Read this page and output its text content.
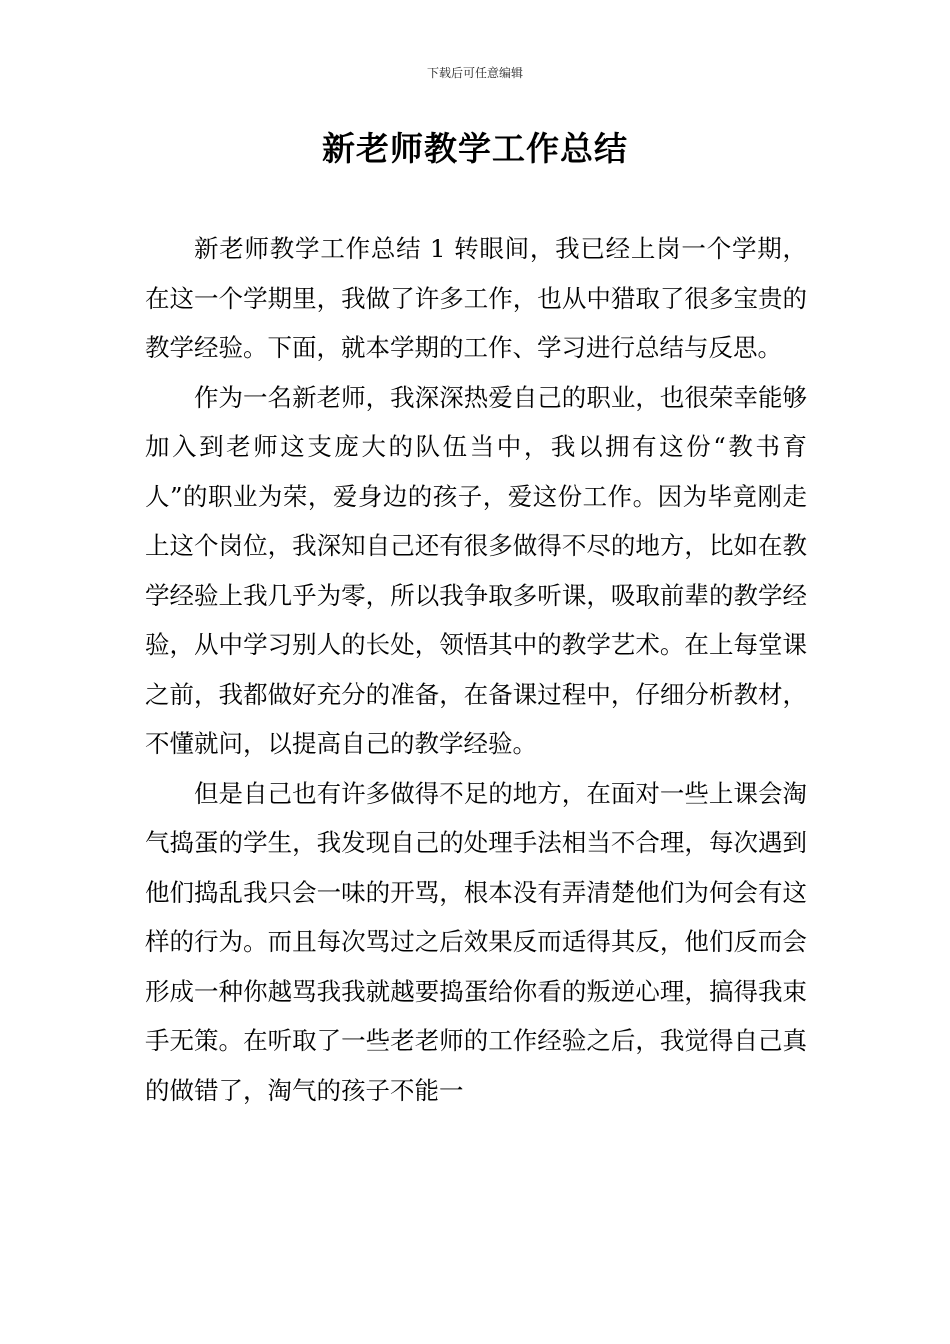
下载后可任意编辑
新老师教学工作总结

新老师教学工作总结 1 转眼间，我已经上岗一个学期，在这一个学期里，我做了许多工作，也从中猎取了很多宝贵的教学经验。下面，就本学期的工作、学习进行总结与反思。

作为一名新老师，我深深热爱自己的职业，也很荣幸能够加入到老师这支庞大的队伍当中，我以拥有这份“教书育人”的职业为荣，爱身边的孩子，爱这份工作。因为毕竟刚走上这个岗位，我深知自己还有很多做得不尽的地方，比如在教学经验上我几乎为零，所以我争取多听课，吸取前辈的教学经验，从中学习别人的长处，领悟其中的教学艺术。在上每堂课之前，我都做好充分的准备，在备课过程中，仔细分析教材，不懂就问，以提高自己的教学经验。

但是自己也有许多做得不足的地方，在面对一些上课会淘气捣蛋的学生，我发现自己的处理手法相当不合理，每次遇到他们捣乱我只会一味的开骂，根本没有弄清楚他们为何会有这样的行为。而且每次骂过之后效果反而适得其反，他们反而会形成一种你越骂我我就越要捣蛋给你看的叛逆心理，搞得我束手无策。在听取了一些老老师的工作经验之后，我觉得自己真的做错了，淘气的孩子不能一
